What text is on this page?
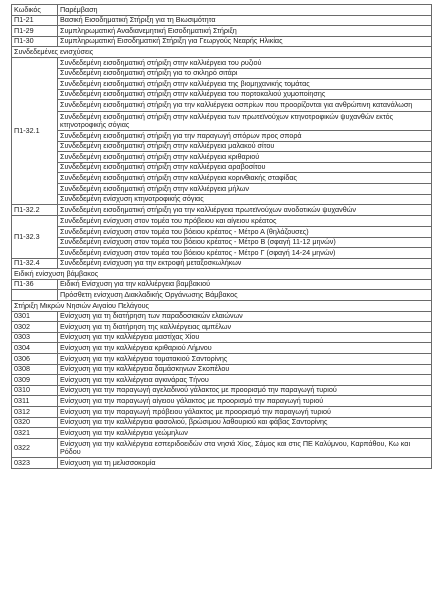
Κωδικός	Παρέμβαση
Π1-21	Βασική Εισοδηματική Στήριξη για τη Βιωσιμότητα
Π1-29	Συμπληρωματική Αναδιανεμητική Εισοδηματική Στήριξη
Π1-30	Συμπληρωματική Εισοδηματική Στήριξη για Γεωργούς Νεαρής Ηλικίας
Συνδεδεμένες ενισχύσεις	
Π1-32.1	Συνδεδεμένη εισοδηματική στήριξη στην καλλιέργεια του ρυζιού
	Συνδεδεμένη εισοδηματική στήριξη για το σκληρό σιτάρι
	Συνδεδεμένη εισοδηματική στήριξη στην καλλιέργεια της βιομηχανικής τομάτας
	Συνδεδεμένη εισοδηματική στήριξη στην καλλιέργεια του πορτοκαλιού χυμοποίησης
	Συνδεδεμένη εισοδηματική στήριξη για την καλλιέργεια οσπρίων που προορίζονται για ανθρώπινη κατανάλωση
	Συνδεδεμένη εισοδηματική στήριξη στην καλλιέργεια των πρωτεϊνούχων κτηνοτροφικών ψυχανθών εκτός κτηνοτροφικής σόγιας
	Συνδεδεμένη εισοδηματική στήριξη για την παραγωγή σπόρων προς σπορά
	Συνδεδεμένη εισοδηματική στήριξη στην καλλιέργεια μαλακού σίτου
	Συνδεδεμένη εισοδηματική στήριξη στην καλλιέργεια κριθαριού
	Συνδεδεμένη εισοδηματική στήριξη στην καλλιέργεια αραβοσίτου
	Συνδεδεμένη εισοδηματική στήριξη στην καλλιέργεια κορινθιακής σταφίδας
	Συνδεδεμένη εισοδηματική στήριξη στην καλλιέργεια μήλων
	Συνδεδεμένη ενίσχυση κτηνοτροφικής σόγιας
Π1-32.2	Συνδεδεμένη εισοδηματική στήριξη για την καλλιέργεια πρωτεϊνούχων ανοδοτικών ψυχανθών
Π1-32.3	Συνδεδεμένη ενίσχυση στον τομέα του πρόβειου και αίγειου κρέατος
	Συνδεδεμένη ενίσχυση στον τομέα του βόειου κρέατος - Μέτρο Α (θηλάζουσες)
	Συνδεδεμένη ενίσχυση στον τομέα του βόειου κρέατος - Μέτρο Β (σφαγή 11-12 μηνών)
	Συνδεδεμένη ενίσχυση στον τομέα του βόειου κρέατος - Μέτρο Γ (σφαγή 14-24 μηνών)
Π1-32.4	Συνδεδεμένη ενίσχυση για την εκτροφή μεταξοσκωλήκων
Ειδική ενίσχυση βάμβακος	
Π1-36	Ειδική Ενίσχυση για την καλλιέργεια βαμβακιού
	Πρόσθετη ενίσχυση Διακλαδικής Οργάνωσης Βάμβακος
Στήριξη Μικρών Νησιών Αιγαίου Πελάγους	
0301	Ενίσχυση για τη διατήρηση των παραδοσιακών ελαιώνων
0302	Ενίσχυση για τη διατήρηση της καλλιέργειας αμπέλων
0303	Ενίσχυση για την καλλιέργεια μαστίχας Χίου
0304	Ενίσχυση για την καλλιέργεια κριθαριού Λήμνου
0306	Ενίσχυση για την καλλιέργεια τοματακιού Σαντορίνης
0308	Ενίσχυση για την καλλιέργεια δαμάσκηνων Σκοπέλου
0309	Ενίσχυση για την καλλιέργεια αγκινάρας Τήνου
0310	Ενίσχυση για την παραγωγή αγελαδινού γάλακτος με προορισμό την παραγωγή τυριού
0311	Ενίσχυση για την παραγωγή αίγειου γάλακτος με προορισμό την παραγωγή τυριού
0312	Ενίσχυση για την παραγωγή πρόβειου γάλακτος με προορισμό την παραγωγή τυριού
0320	Ενίσχυση για την καλλιέργεια φασολιού, βρώσιμου λαθουριού και φάβας Σαντορίνης
0321	Ενίσχυση για την καλλιέργεια γεώμηλων
0322	Ενίσχυση για την καλλιέργεια εσπεριδοειδών στα νησιά Χίος, Σάμος και στις ΠΕ Καλύμνου, Καρπάθου, Κω και Ρόδου
0323	Ενίσχυση για τη μελισσοκομία
